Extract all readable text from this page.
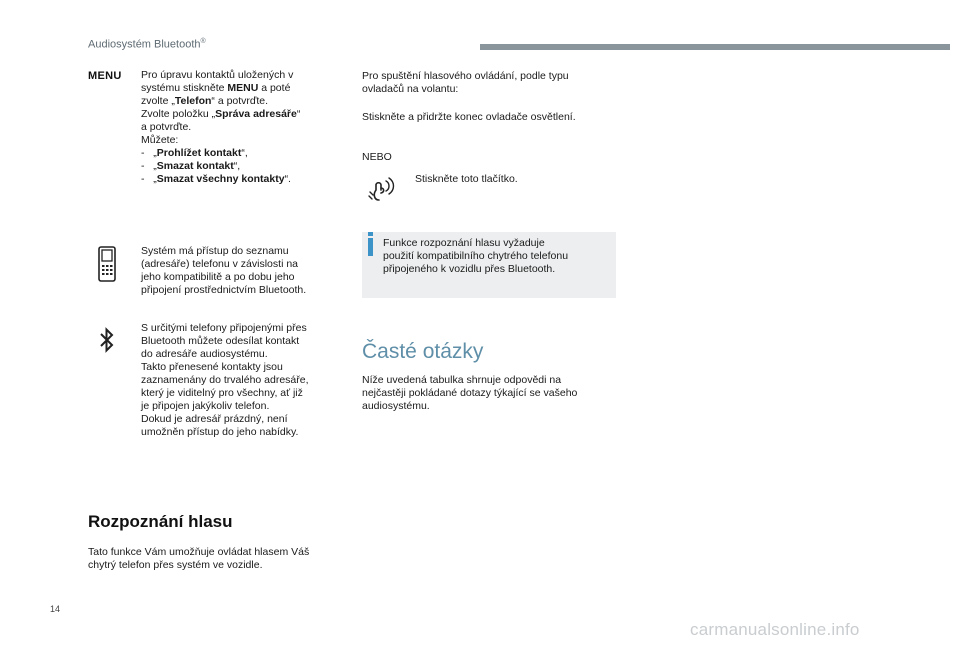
Audiosystém Bluetooth®
MENU Pro úpravu kontaktů uložených v

systému stiskněte MENU a poté

zvolte „Telefon“ a potvrďte.

Zvolte položku „Správa adresáře“

a potvrďte.

Můžete:

-   „Prohlížet kontakt“,

-   „Smazat kontakt“,

-   „Smazat všechny kontakty“.

Systém má přístup do seznamu

(adresáře) telefonu v závislosti na

jeho kompatibilitě a po dobu jeho

připojení prostřednictvím Bluetooth.

S určitými telefony připojenými přes

Bluetooth můžete odesílat kontakt

do adresáře audiosystému.

Takto přenesené kontakty jsou

zaznamenány do trvalého adresáře,

který je viditelný pro všechny, ať již

je připojen jakýkoliv telefon.

Dokud je adresář prázdný, není

umožněn přístup do jeho nabídky.

Rozpoznání hlasu

Tato funkce Vám umožňuje ovládat hlasem Váš

chytrý telefon přes systém ve vozidle.

Pro spuštění hlasového ovládání, podle typu

ovladačů na volantu:

Stiskněte a přidržte konec ovladače osvětlení.
NEBO
Stiskněte toto tlačítko.

Funkce rozpoznání hlasu vyžaduje

použití kompatibilního chytrého telefonu

připojeného k vozidlu přes Bluetooth.

Časté otázky

Níže uvedená tabulka shrnuje odpovědi na

nejčastěji pokládané dotazy týkající se vašeho

audiosystému.

14
carmanualsonline.info
